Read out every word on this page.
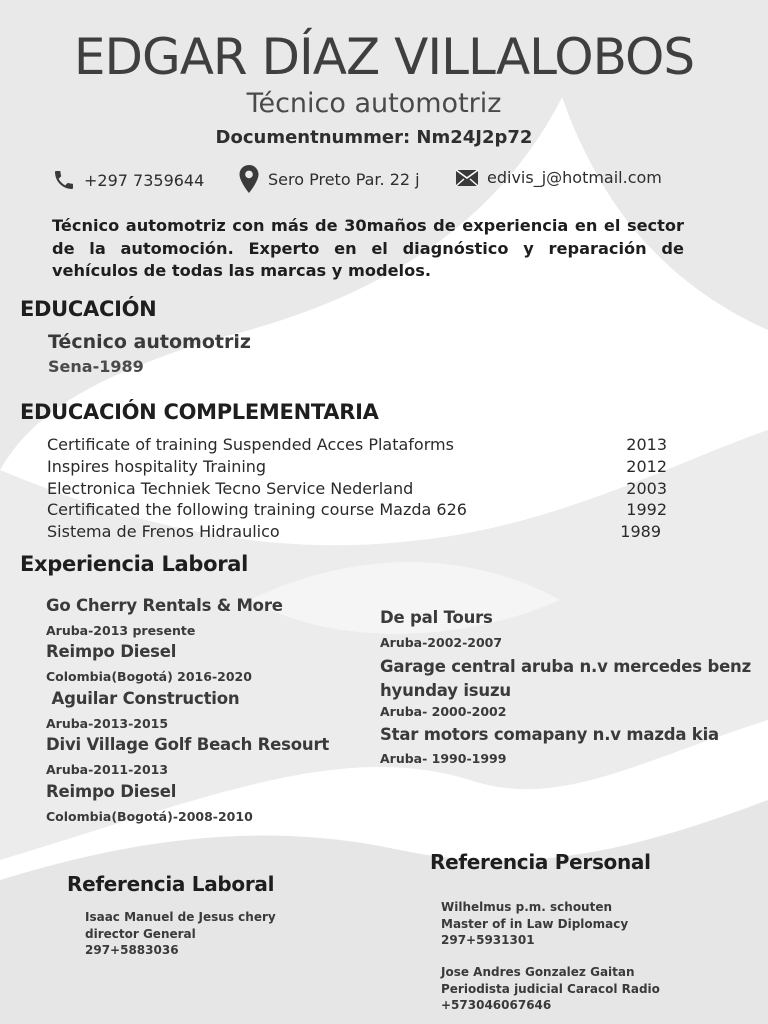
EDGAR DÍAZ VILLALOBOS
Técnico automotriz
Documentnummer: Nm24J2p72
+297 7359644	Sero Preto Par. 22 j	edivis_j@hotmail.com
Técnico automotriz con más de 30maños de experiencia en el sector de la automoción. Experto en el diagnóstico y reparación de vehículos de todas las marcas y modelos.
EDUCACIÓN
Técnico automotriz
Sena-1989
EDUCACIÓN COMPLEMENTARIA
Certificate of training Suspended Acces Plataforms	2013
Inspires hospitality Training	2012
Electronica Techniek Tecno Service Nederland	2003
Certificated the following training course Mazda 626	1992
Sistema de Frenos Hidraulico	1989
Experiencia Laboral
Go Cherry Rentals & More
Aruba-2013 presente
Reimpo Diesel
Colombia(Bogotá) 2016-2020
Aguilar Construction
Aruba-2013-2015
Divi Village Golf Beach Resourt
Aruba-2011-2013
Reimpo Diesel
Colombia(Bogotá)-2008-2010
De pal Tours
Aruba-2002-2007
Garage central aruba n.v mercedes benz hyunday isuzu
Aruba- 2000-2002
Star motors comapany n.v mazda kia
Aruba- 1990-1999
Referencia Laboral
Isaac Manuel de Jesus chery
director General
297+5883036
Referencia Personal
Wilhelmus p.m. schouten
Master of in Law Diplomacy
297+5931301
Jose Andres Gonzalez Gaitan
Periodista judicial Caracol Radio
+573046067646
